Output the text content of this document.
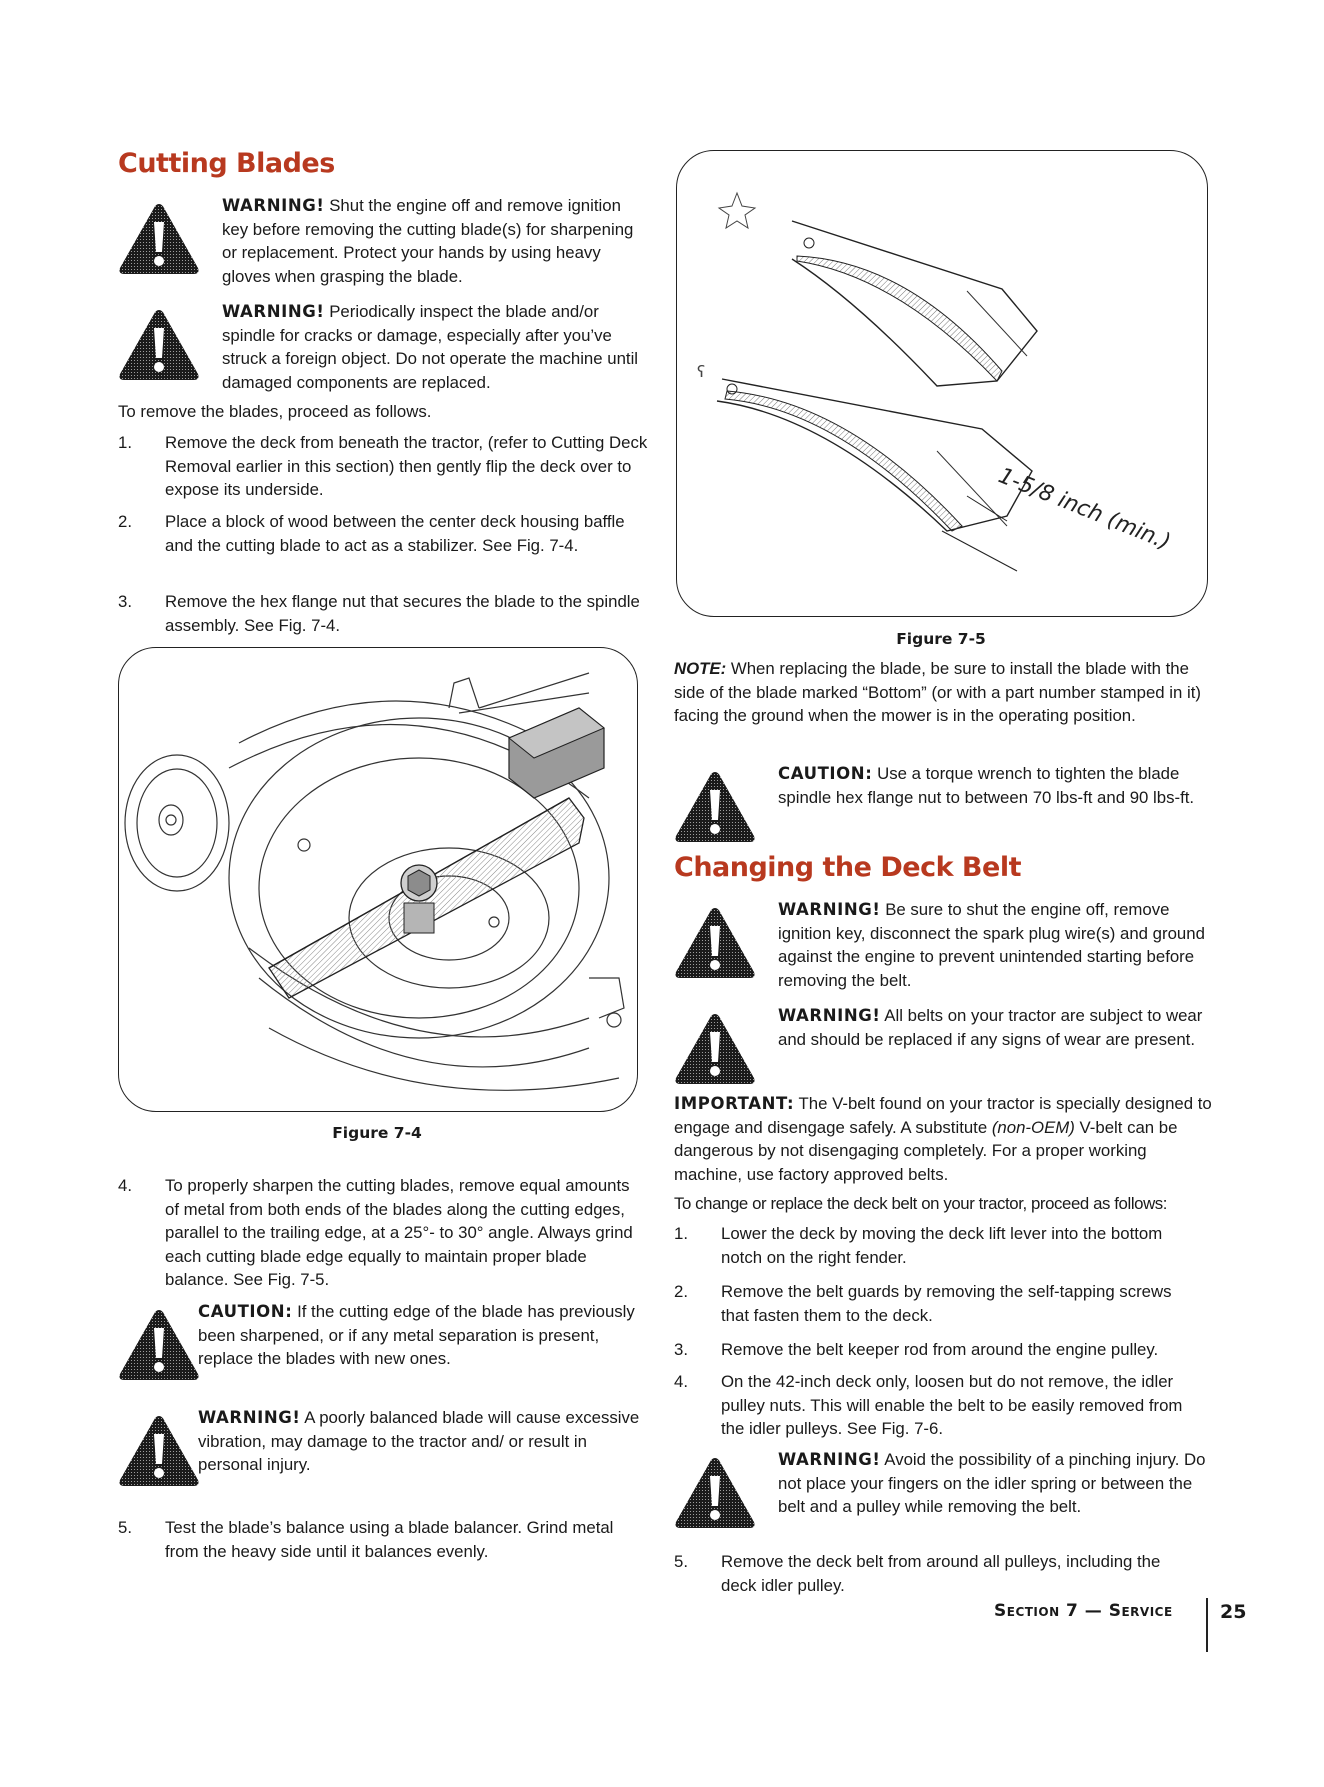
Cutting Blades
WARNING! Shut the engine off and remove ignition key before removing the cutting blade(s) for sharpening or replacement. Protect your hands by using heavy gloves when grasping the blade.
WARNING! Periodically inspect the blade and/or spindle for cracks or damage, especially after you’ve struck a foreign object. Do not operate the machine until damaged components are replaced.
To remove the blades, proceed as follows.
1. Remove the deck from beneath the tractor, (refer to Cutting Deck Removal earlier in this section) then gently flip the deck over to expose its underside.
2. Place a block of wood between the center deck housing baffle and the cutting blade to act as a stabilizer. See Fig. 7-4.
3. Remove the hex flange nut that secures the blade to the spindle assembly. See Fig. 7-4.
Figure 7-4
4. To properly sharpen the cutting blades, remove equal amounts of metal from both ends of the blades along the cutting edges, parallel to the trailing edge, at a 25°- to 30° angle. Always grind each cutting blade edge equally to maintain proper blade balance. See Fig. 7-5.
CAUTION: If the cutting edge of the blade has previously been sharpened, or if any metal separation is present, replace the blades with new ones.
WARNING! A poorly balanced blade will cause excessive vibration, may damage to the tractor and/ or result in personal injury.
5. Test the blade’s balance using a blade balancer. Grind metal from the heavy side until it balances evenly.
ʕ
1-5/8 inch (min.)
Figure 7-5
NOTE: When replacing the blade, be sure to install the blade with the side of the blade marked “Bottom” (or with a part number stamped in it) facing the ground when the mower is in the operating position.
CAUTION: Use a torque wrench to tighten the blade spindle hex flange nut to between 70 lbs-ft and 90 lbs-ft.
Changing the Deck Belt
WARNING! Be sure to shut the engine off, remove ignition key, disconnect the spark plug wire(s) and ground against the engine to prevent unintended starting before removing the belt.
WARNING! All belts on your tractor are subject to wear and should be replaced if any signs of wear are present.
IMPORTANT: The V-belt found on your tractor is specially designed to engage and disengage safely. A substitute (non-OEM) V-belt can be dangerous by not disengaging completely. For a proper working machine, use factory approved belts.
To change or replace the deck belt on your tractor, proceed as follows:
1. Lower the deck by moving the deck lift lever into the bottom notch on the right fender.
2. Remove the belt guards by removing the self-tapping screws that fasten them to the deck.
3. Remove the belt keeper rod from around the engine pulley.
4. On the 42-inch deck only, loosen but do not remove, the idler pulley nuts. This will enable the belt to be easily removed from the idler pulleys. See Fig. 7-6.
WARNING! Avoid the possibility of a pinching injury. Do not place your fingers on the idler spring or between the belt and a pulley while removing the belt.
5. Remove the deck belt from around all pulleys, including the deck idler pulley.
Section 7 — Service 25
